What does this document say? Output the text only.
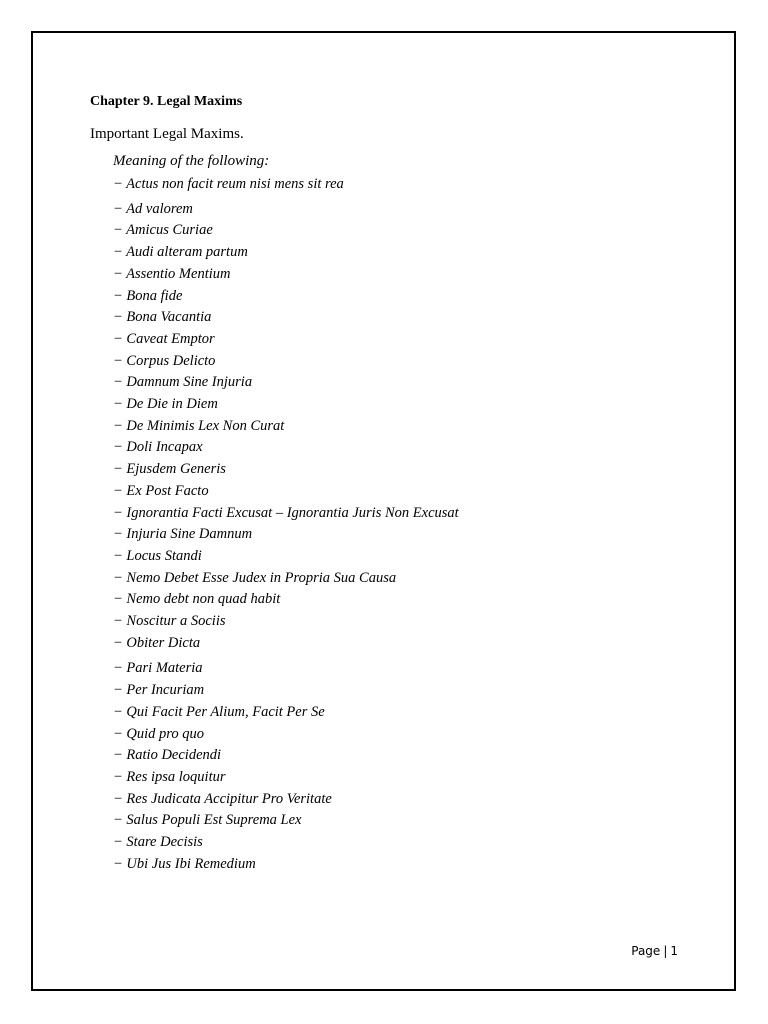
Chapter 9. Legal Maxims
Important Legal Maxims.
Meaning of the following:
− Actus non facit reum nisi mens sit rea
− Ad valorem
− Amicus Curiae
− Audi alteram partum
− Assentio Mentium
− Bona fide
− Bona Vacantia
− Caveat Emptor
− Corpus Delicto
− Damnum Sine Injuria
− De Die in Diem
− De Minimis Lex Non Curat
− Doli Incapax
− Ejusdem Generis
− Ex Post Facto
− Ignorantia Facti Excusat – Ignorantia Juris Non Excusat
− Injuria Sine Damnum
− Locus Standi
− Nemo Debet Esse Judex in Propria Sua Causa
− Nemo debt non quad habit
− Noscitur a Sociis
− Obiter Dicta
− Pari Materia
− Per Incuriam
− Qui Facit Per Alium, Facit Per Se
− Quid pro quo
− Ratio Decidendi
− Res ipsa loquitur
− Res Judicata Accipitur Pro Veritate
− Salus Populi Est Suprema Lex
− Stare Decisis
− Ubi Jus Ibi Remedium
Page | 1
